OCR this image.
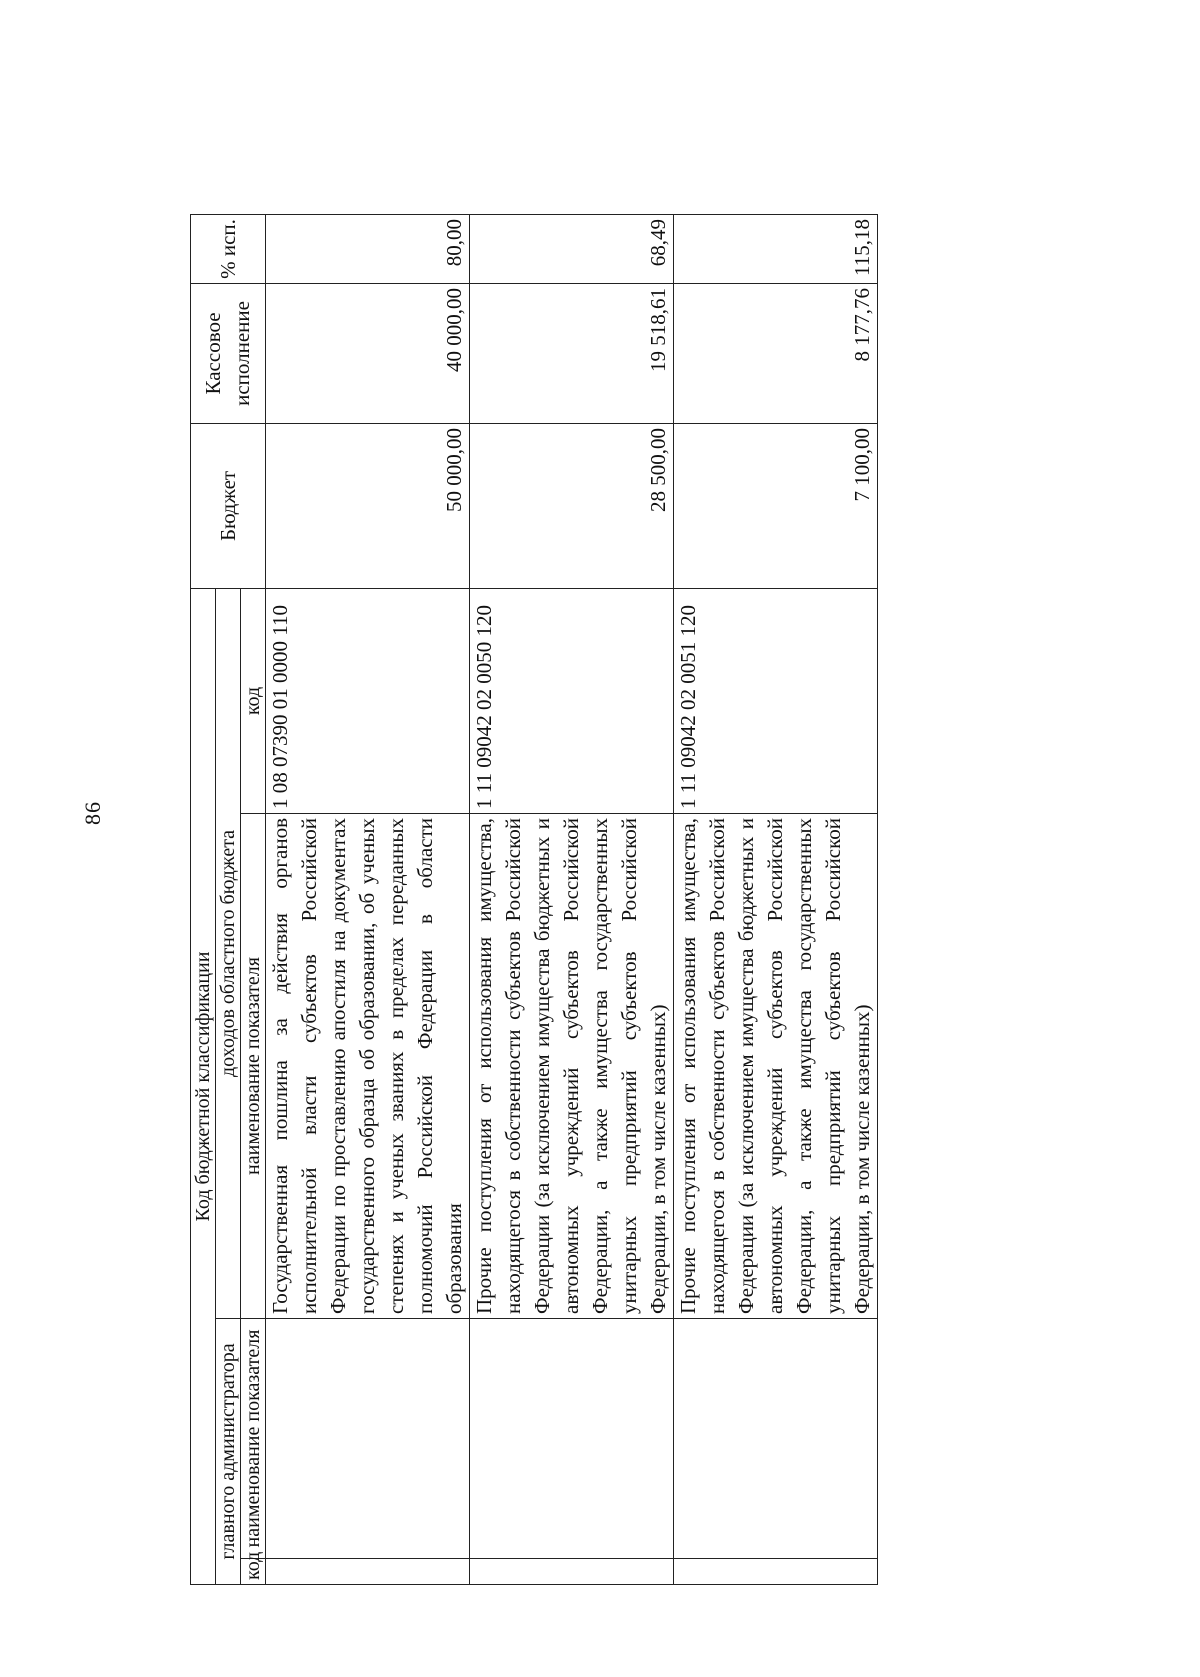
86
Код бюджетной классификации				Бюджет	Кассовое исполнение	% исп.
главного администратора		доходов областного бюджета				
код	наименование показателя	наименование показателя	код			
		Государственная пошлина за действия органов исполнительной власти субъектов Российской Федерации по проставлению апостиля на документах государственного образца об образовании, об ученых степенях и ученых званиях в пределах переданных полномочий Российской Федерации в области образования	1 08 07390 01 0000 110	50 000,00	40 000,00	80,00
		Прочие поступления от использования имущества, находящегося в собственности субъектов Российской Федерации (за исключением имущества бюджетных и автономных учреждений субъектов Российской Федерации, а также имущества государственных унитарных предприятий субъектов Российской Федерации, в том числе казенных)	1 11 09042 02 0050 120	28 500,00	19 518,61	68,49
		Прочие поступления от использования имущества, находящегося в собственности субъектов Российской Федерации (за исключением имущества бюджетных и автономных учреждений субъектов Российской Федерации, а также имущества государственных унитарных предприятий субъектов Российской Федерации, в том числе казенных)	1 11 09042 02 0051 120	7 100,00	8 177,76	115,18
